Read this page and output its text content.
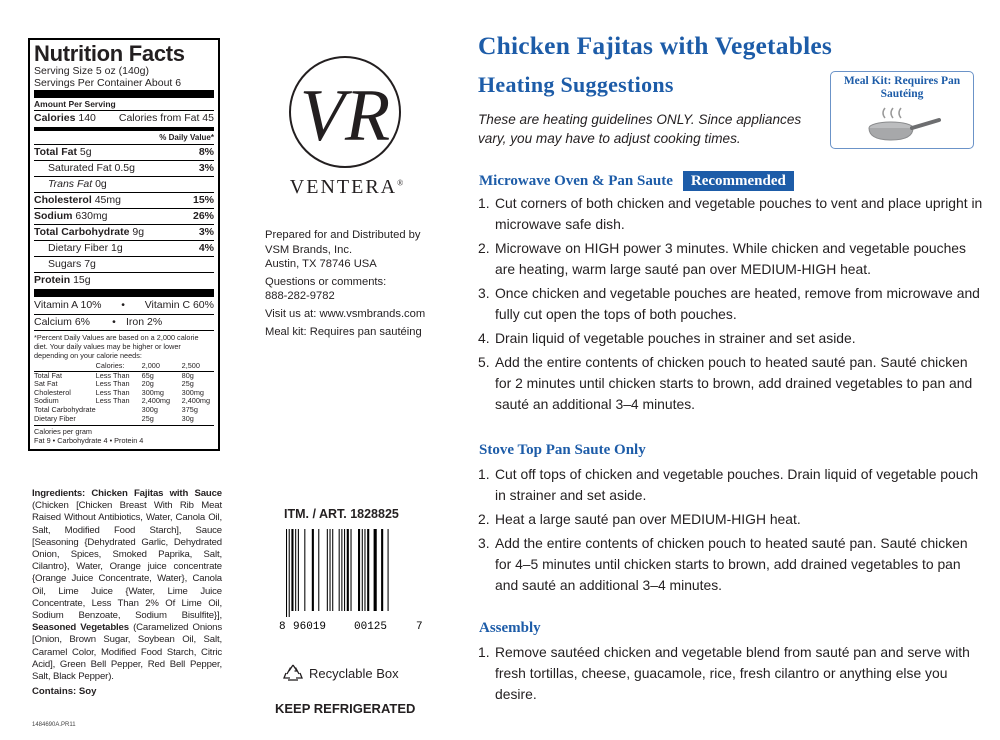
Nutrition Facts
Serving Size 5 oz (140g)
Servings Per Container About 6
Amount Per Serving
Calories 140 Calories from Fat 45
% Daily Value*
Total Fat 5g	8%
Saturated Fat 0.5g	3%
Trans Fat 0g
Cholesterol 45mg	15%
Sodium 630mg	26%
Total Carbohydrate 9g	3%
Dietary Fiber 1g	4%
Sugars 7g
Protein 15g
Vitamin A 10% • Vitamin C 60%
Calcium 6%	• Iron 2%
*Percent Daily Values are based on a 2,000 calorie diet. Your daily values may be higher or lower depending on your calorie needs:
	Calories:	2,000	2,500
Total Fat	Less Than	65g	80g
Sat Fat	Less Than	20g	25g
Cholesterol	Less Than	300mg	300mg
Sodium	Less Than	2,400mg	2,400mg
Total Carbohydrate		300g	375g
Dietary Fiber		25g	30g
Calories per gram
Fat 9 • Carbohydrate 4 • Protein 4
Ingredients: Chicken Fajitas with Sauce (Chicken [Chicken Breast With Rib Meat Raised Without Antibiotics, Water, Canola Oil, Salt, Modified Food Starch], Sauce [Seasoning {Dehydrated Garlic, Dehydrated Onion, Spices, Smoked Paprika, Salt, Cilantro}, Water, Orange juice concentrate {Orange Juice Concentrate, Water}, Canola Oil, Lime Juice {Water, Lime Juice Concentrate, Less Than 2% Of Lime Oil, Sodium Benzoate, Sodium Bisulfite}], Seasoned Vegetables (Caramelized Onions [Onion, Brown Sugar, Soybean Oil, Salt, Caramel Color, Modified Food Starch, Citric Acid], Green Bell Pepper, Red Bell Pepper, Salt, Black Pepper).
Contains: Soy
1484690A.PR11
VR
VENTERA®
Prepared for and Distributed by
VSM Brands, Inc.

Austin, TX 78746 USA

Questions or comments:

888-282-9782

Visit us at: www.vsmbrands.com

Meal kit: Requires pan sautéing

ITM. / ART. 1828825
8 96019	00125	7
Recyclable Box
KEEP REFRIGERATED
Chicken Fajitas with Vegetables
Heating Suggestions
These are heating guidelines ONLY. Since appliances vary, you may have to adjust cooking times.
Meal Kit: Requires Pan Sautéing
Microwave Oven & Pan Saute	Recommended
1. Cut corners of both chicken and vegetable pouches to vent and place upright in microwave safe dish.
2. Microwave on HIGH power 3 minutes. While chicken and vegetable pouches are heating, warm large sauté pan over MEDIUM-HIGH heat.
3. Once chicken and vegetable pouches are heated, remove from microwave and fully cut open the tops of both pouches.
4. Drain liquid of vegetable pouches in strainer and set aside.
5. Add the entire contents of chicken pouch to heated sauté pan. Sauté chicken for 2 minutes until chicken starts to brown, add drained vegetables to pan and sauté an additional 3–4 minutes.
Stove Top Pan Saute Only
1. Cut off tops of chicken and vegetable pouches. Drain liquid of vegetable pouch in strainer and set aside.
2. Heat a large sauté pan over MEDIUM-HIGH heat.
3. Add the entire contents of chicken pouch to heated sauté pan. Sauté chicken for 4–5 minutes until chicken starts to brown, add drained vegetables to pan and sauté an additional 3–4 minutes.
Assembly
1. Remove sautéed chicken and vegetable blend from sauté pan and serve with fresh tortillas, cheese, guacamole, rice, fresh cilantro or anything else you desire.
